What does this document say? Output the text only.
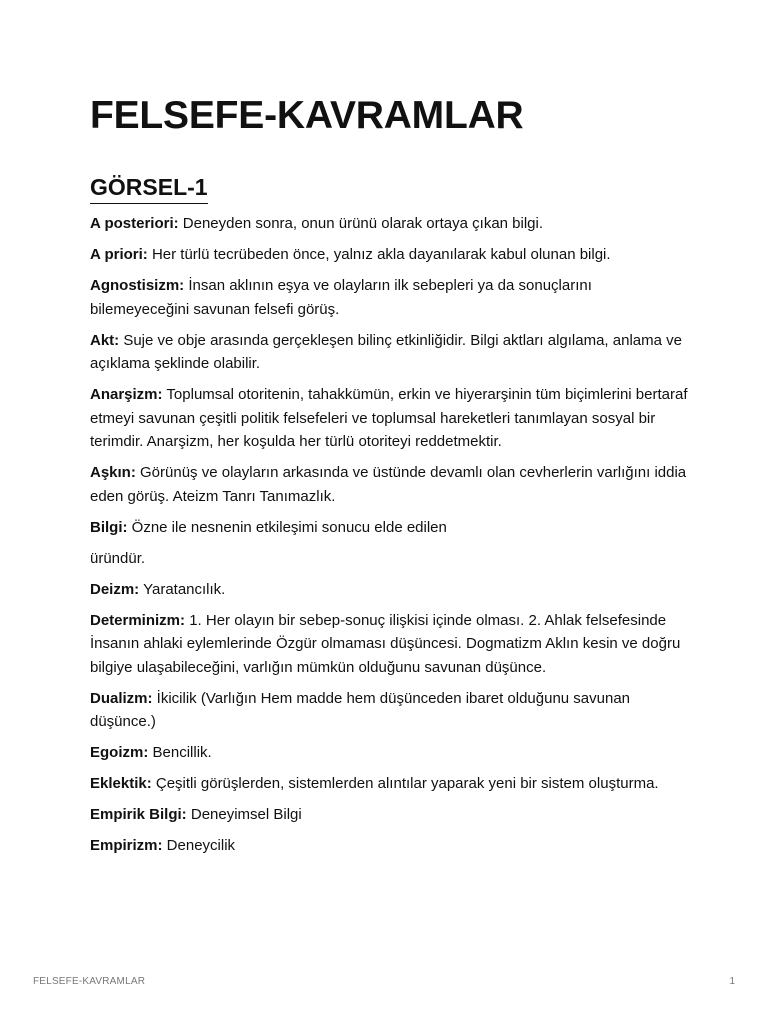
FELSEFE-KAVRAMLAR
GÖRSEL-1

A posteriori: Deneyden sonra, onun ürünü olarak ortaya çıkan bilgi.

A priori: Her türlü tecrübeden önce, yalnız akla dayanılarak kabul olunan bilgi.

Agnostisizm: İnsan aklının eşya ve olayların ilk sebepleri ya da sonuçlarını bilemeyeceğini savunan felsefi görüş.

Akt: Suje ve obje arasında gerçekleşen bilinç etkinliğidir. Bilgi aktları algılama, anlama ve açıklama şeklinde olabilir.

Anarşizm: Toplumsal otoritenin, tahakkümün, erkin ve hiyerarşinin tüm biçimlerini bertaraf etmeyi savunan çeşitli politik felsefeleri ve toplumsal hareketleri tanımlayan sosyal bir terimdir. Anarşizm, her koşulda her türlü otoriteyi reddetmektir.

Aşkın: Görünüş ve olayların arkasında ve üstünde devamlı olan cevherlerin varlığını iddia eden görüş. Ateizm Tanrı Tanımazlık.

Bilgi: Özne ile nesnenin etkileşimi sonucu elde edilen

üründür.

Deizm: Yaratancılık.

Determinizm: 1. Her olayın bir sebep-sonuç ilişkisi içinde olması. 2. Ahlak felsefesinde İnsanın ahlaki eylemlerinde Özgür olmaması düşüncesi. Dogmatizm Aklın kesin ve doğru bilgiye ulaşabileceğini, varlığın mümkün olduğunu savunan düşünce.

Dualizm: İkicilik (Varlığın Hem madde hem düşünceden ibaret olduğunu savunan düşünce.)

Egoizm: Bencillik.

Eklektik: Çeşitli görüşlerden, sistemlerden alıntılar yaparak yeni bir sistem oluşturma.

Empirik Bilgi: Deneyimsel Bilgi

Empirizm: Deneycilik

FELSEFE-KAVRAMLAR	1
